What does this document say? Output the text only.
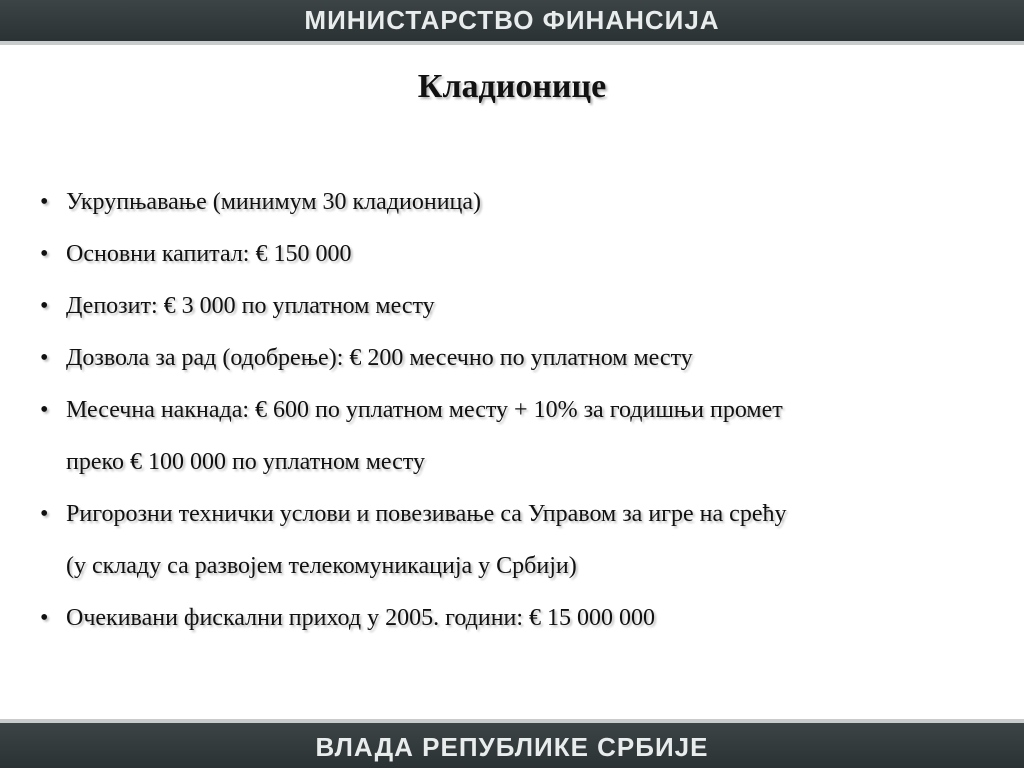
МИНИСТАРСТВО ФИНАНСИЈА
Кладионице
• Укрупњавање (минимум 30 кладионица)
• Основни капитал: € 150 000
• Депозит: € 3 000 по уплатном месту
• Дозвола за рад (одобрење): € 200 месечно по уплатном месту
• Месечна накнада: € 600 по уплатном месту + 10% за годишњи промет
преко € 100 000 по уплатном месту
• Ригорозни технички услови и повезивање са Управом за игре на срећу
(у складу са развојем телекомуникација у Србији)
• Очекивани фискални приход у 2005. години: € 15 000 000
ВЛАДА РЕПУБЛИКЕ СРБИЈЕ
